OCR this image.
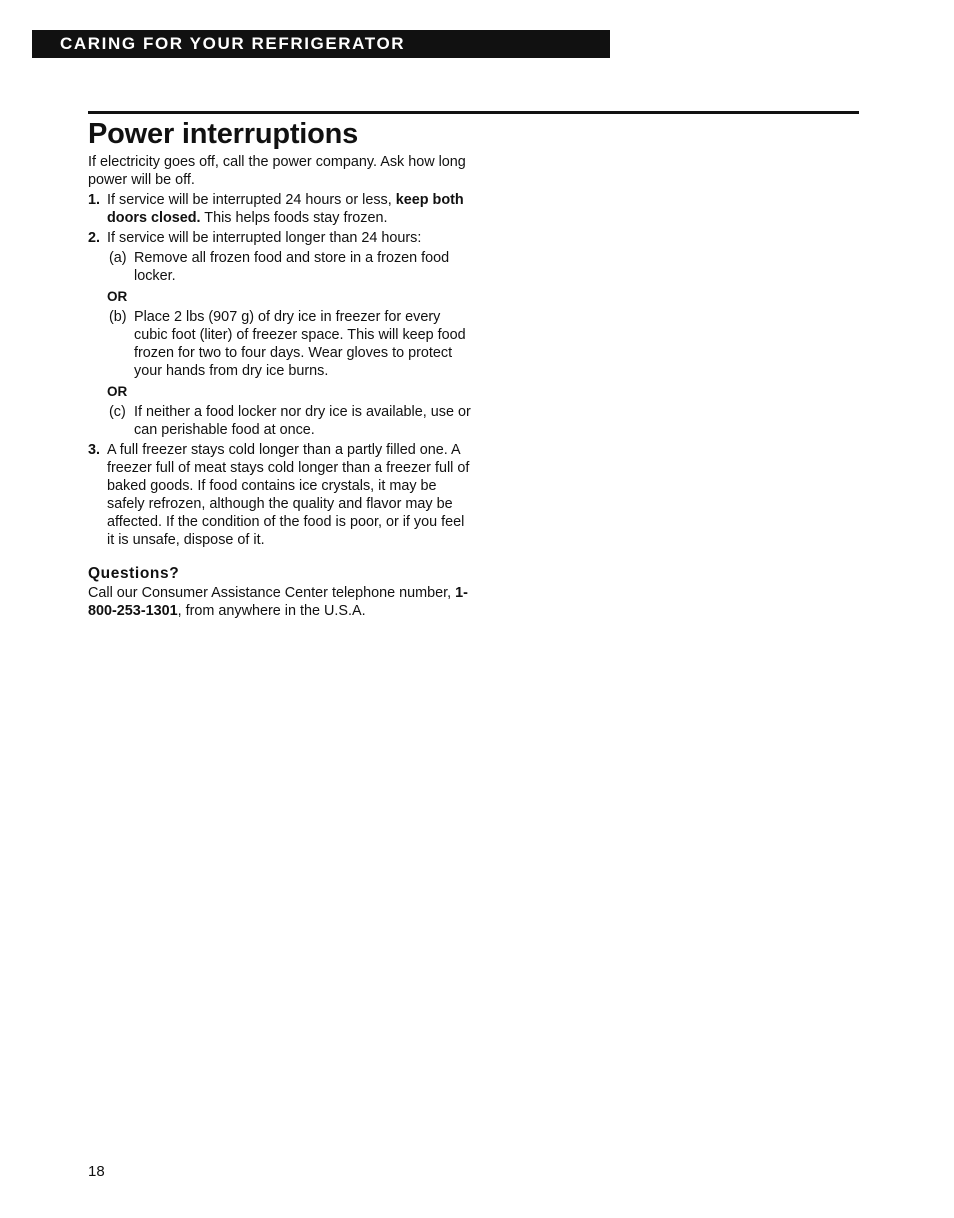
CARING FOR YOUR REFRIGERATOR
Power interruptions

If electricity goes off, call the power company. Ask how long power will be off.

1. If service will be interrupted 24 hours or less, keep both doors closed. This helps foods stay frozen.
2. If service will be interrupted longer than 24 hours:
(a) Remove all frozen food and store in a frozen food locker.
OR
(b) Place 2 lbs (907 g) of dry ice in freezer for every cubic foot (liter) of freezer space. This will keep food frozen for two to four days. Wear gloves to protect your hands from dry ice burns.
OR
(c) If neither a food locker nor dry ice is available, use or can perishable food at once.
3. A full freezer stays cold longer than a partly filled one. A freezer full of meat stays cold longer than a freezer full of baked goods. If food contains ice crystals, it may be safely refrozen, although the quality and flavor may be affected. If the condition of the food is poor, or if you feel it is unsafe, dispose of it.
Questions?

Call our Consumer Assistance Center telephone number, 1-800-253-1301, from anywhere in the U.S.A.

18
